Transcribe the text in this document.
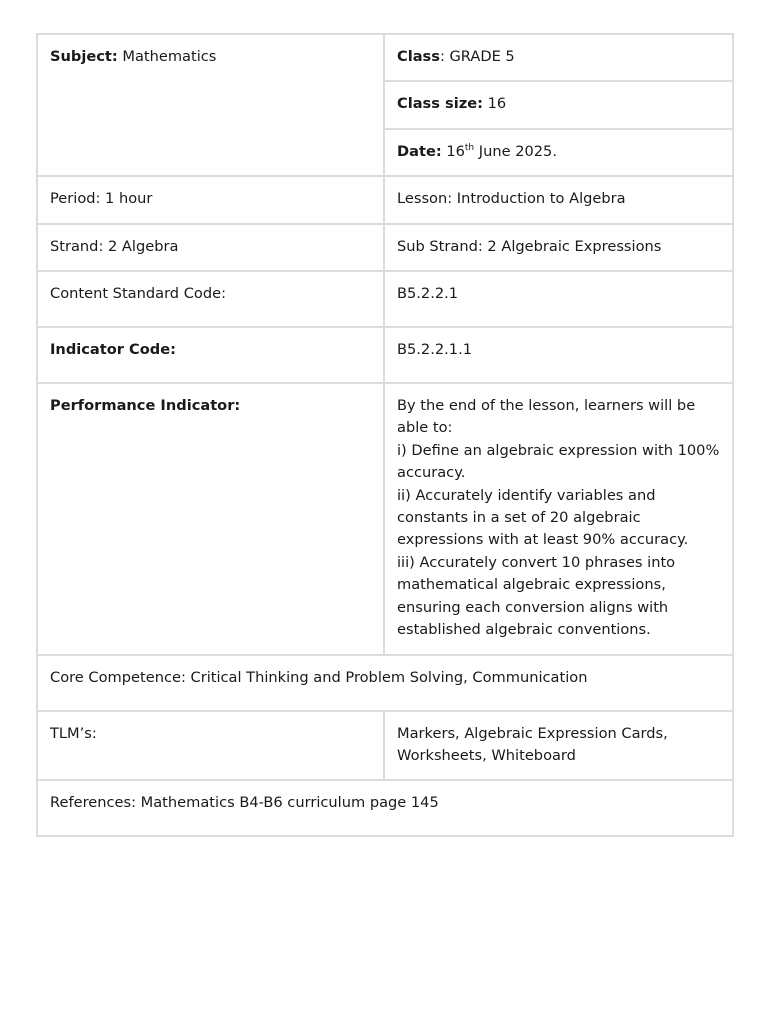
Subject: Mathematics	Class: GRADE 5
	Class size: 16
	Date: 16th June 2025.
Period: 1 hour	Lesson: Introduction to Algebra
Strand: 2 Algebra	Sub Strand: 2 Algebraic Expressions
Content Standard Code:	B5.2.2.1
Indicator Code:	B5.2.2.1.1
Performance Indicator:	By the end of the lesson, learners will be able to:
i) Define an algebraic expression with 100% accuracy.
ii) Accurately identify variables and constants in a set of 20 algebraic expressions with at least 90% accuracy.
iii) Accurately convert 10 phrases into mathematical algebraic expressions, ensuring each conversion aligns with established algebraic conventions.

Core Competence: Critical Thinking and Problem Solving, Communication	
TLM’s:	Markers, Algebraic Expression Cards, Worksheets, Whiteboard
References: Mathematics B4-B6 curriculum page 145	
